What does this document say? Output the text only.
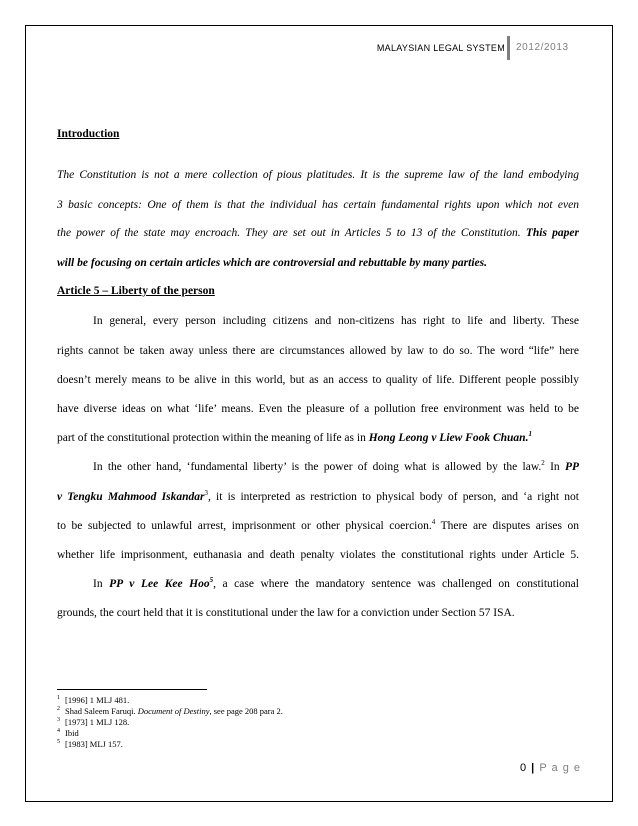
MALAYSIAN LEGAL SYSTEM 2012/2013
Introduction
The Constitution is not a mere collection of pious platitudes. It is the supreme law of the land embodying
3 basic concepts: One of them is that the individual has certain fundamental rights upon which not even
the power of the state may encroach. They are set out in Articles 5 to 13 of the Constitution. This paper
will be focusing on certain articles which are controversial and rebuttable by many parties.
Article 5 – Liberty of the person
In general, every person including citizens and non-citizens has right to life and liberty. These
rights cannot be taken away unless there are circumstances allowed by law to do so. The word “life” here
doesn’t merely means to be alive in this world, but as an access to quality of life. Different people possibly
have diverse ideas on what ‘life’ means. Even the pleasure of a pollution free environment was held to be
part of the constitutional protection within the meaning of life as in Hong Leong v Liew Fook Chuan.$^1$
In the other hand, ‘fundamental liberty’ is the power of doing what is allowed by the law.$^2$ In PP
v Tengku Mahmood Iskandar$^3$, it is interpreted as restriction to physical body of person, and ‘a right not
to be subjected to unlawful arrest, imprisonment or other physical coercion.$^4$ There are disputes arises on
whether life imprisonment, euthanasia and death penalty violates the constitutional rights under Article 5.
In PP v Lee Kee Hoo$^5$, a case where the mandatory sentence was challenged on constitutional
grounds, the court held that it is constitutional under the law for a conviction under Section 57 ISA.
$^1$ [1996] 1 MLJ 481.
$^2$ Shad Saleem Faruqi. Document of Destiny, see page 208 para 2.
$^3$ [1973] 1 MLJ 128.
$^4$ Ibid
$^5$ [1983] MLJ 157.
0 | P a g e
